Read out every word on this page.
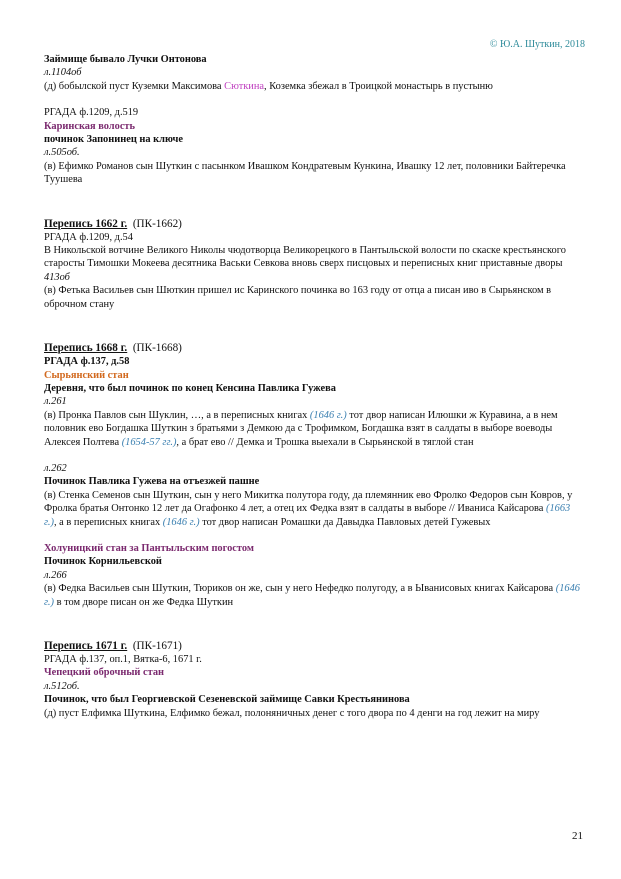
© Ю.А. Шуткин, 2018
Займище бывало Лучки Онтонова
л.1104об
(д) бобылской пуст Куземки Максимова Сюткина, Коземка збежал в Троицкой монастырь в пустыню
РГАДА ф.1209, д.519
Каринская волость
починок Запонинец на ключе
л.505об.
(в) Ефимко Романов сын Шуткин с пасынком Ивашком Кондратевым Кункина, Ивашку 12 лет, половники Байтеречка Туушева
Перепись 1662 г. (ПК-1662)
РГАДА ф.1209, д.54
В Никольской вотчине Великого Николы чюдотворца Великорецкого в Пантыльской волости по скаске крестьянского старосты Тимошки Мокеева десятника Васьки Севкова вновь сверх писцовых и переписных книг приставные дворы
413об
(в) Фетька Васильев сын Шюткин пришел ис Каринского починка во 163 году от отца а писан иво в Сырьянском в оброчном стану
Перепись 1668 г. (ПК-1668)
РГАДА ф.137, д.58
Сырьянский стан
Деревня, что был починок по конец Кенсина Павлика Гужева
л.261
(в) Пронка Павлов сын Шуклин, …, а в переписных книгах (1646 г.) тот двор написан Илюшки ж Куравина, а в нем половник ево Богдашка Шуткин з братьями з Демкою да с Трофимком, Богдашка взят в салдаты в выборе воеводы Алексея Полтева (1654-57 гг.), а брат ево // Демка и Трошка выехали в Сырьянской в тяглой стан
л.262
Починок Павлика Гужева на отъезжей пашне
(в) Стенка Семенов сын Шуткин, сын у него Микитка полутора году, да племянник ево Фролко Федоров сын Ковров, у Фролка братья Онтонко 12 лет да Огафонко 4 лет, а отец их Федка взят в салдаты в выборе // Иваниса Кайсарова (1663 г.), а в переписных книгах (1646 г.) тот двор написан Ромашки да Давыдка Павловых детей Гужевых
Холуницкий стан за Пантыльским погостом
Починок Корнильевской
л.266
(в) Федка Васильев сын Шуткин, Тюриков он же, сын у него Нефедко полугоду, а в Ыванисовых книгах Кайсарова (1646 г.) в том дворе писан он же Федка Шуткин
Перепись 1671 г. (ПК-1671)
РГАДА ф.137, оп.1, Вятка-6, 1671 г.
Чепецкий оброчный стан
л.512об.
Починок, что был Георгиевской Сезеневской займище Савки Крестьянинова
(д) пуст Елфимка Шуткина, Елфимко бежал, полоняничных денег с того двора по 4 денги на год лежит на миру
21
